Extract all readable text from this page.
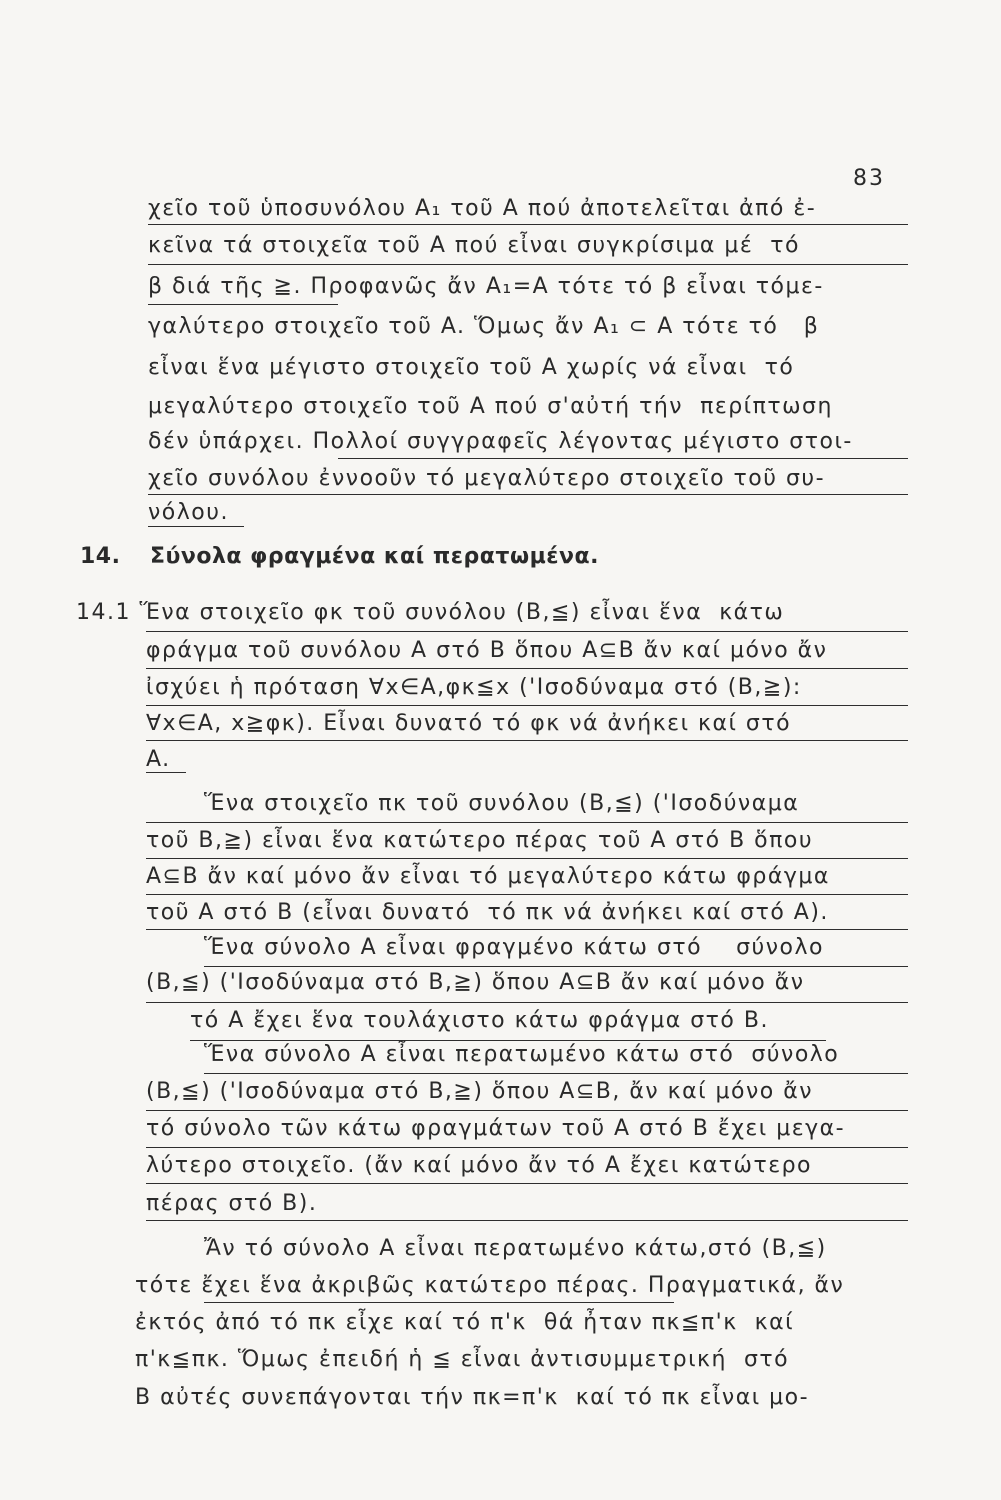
83
χεῖο τοῦ ὑποσυνόλου A₁ τοῦ A πού ἀποτελεῖται ἀπό ἐ-
κεῖνα τά στοιχεῖα τοῦ A πού εἶναι συγκρίσιμα μέ  τό
β διά τῆς ≧. Προφανῶς ἄν A₁=A τότε τό β εἶναι τόμε-
γαλύτερο στοιχεῖο τοῦ A. Ὅμως ἄν A₁ ⊂ A τότε τό   β
εἶναι ἕνα μέγιστο στοιχεῖο τοῦ A χωρίς νά εἶναι  τό
μεγαλύτερο στοιχεῖο τοῦ A πού σ'αὐτή τήν  περίπτωση
δέν ὑπάρχει. Πολλοί συγγραφεῖς λέγοντας μέγιστο στοι-
χεῖο συνόλου ἐννοοῦν τό μεγαλύτερο στοιχεῖο τοῦ συ-
νόλου.
14. Σύνολα φραγμένα καί περατωμένα.
14.1 Ἕνα στοιχεῖο φκ τοῦ συνόλου (B,≦) εἶναι ἕνα  κάτω
φράγμα τοῦ συνόλου A στό B ὅπου A⊆B ἄν καί μόνο ἄν
ἰσχύει ἡ πρόταση ∀x∈A,φκ≦x ('Ισοδύναμα στό (B,≧):
∀x∈A, x≧φκ). Εἶναι δυνατό τό φκ νά ἀνήκει καί στό
A.
Ἕνα στοιχεῖο πκ τοῦ συνόλου (B,≦) ('Ισοδύναμα
τοῦ B,≧) εἶναι ἕνα κατώτερο πέρας τοῦ A στό B ὅπου
A⊆B ἄν καί μόνο ἄν εἶναι τό μεγαλύτερο κάτω φράγμα
τοῦ A στό B (εἶναι δυνατό  τό πκ νά ἀνήκει καί στό A).
Ἕνα σύνολο A εἶναι φραγμένο κάτω στό    σύνολο
(B,≦) ('Ισοδύναμα στό B,≧) ὅπου A⊆B ἄν καί μόνο ἄν
τό A ἔχει ἕνα τουλάχιστο κάτω φράγμα στό B.
Ἕνα σύνολο A εἶναι περατωμένο κάτω στό  σύνολο
(B,≦) ('Ισοδύναμα στό B,≧) ὅπου A⊆B, ἄν καί μόνο ἄν
τό σύνολο τῶν κάτω φραγμάτων τοῦ A στό B ἔχει μεγα-
λύτερο στοιχεῖο. (ἄν καί μόνο ἄν τό A ἔχει κατώτερο
πέρας στό B).
Ἄν τό σύνολο A εἶναι περατωμένο κάτω,στό (B,≦)
τότε ἔχει ἕνα ἀκριβῶς κατώτερο πέρας. Πραγματικά, ἄν
ἐκτός ἀπό τό πκ εἶχε καί τό π'κ  θά ἦταν πκ≦π'κ  καί
π'κ≦πκ. Ὅμως ἐπειδή ἡ ≦ εἶναι ἀντισυμμετρική  στό
B αὐτές συνεπάγονται τήν πκ=π'κ  καί τό πκ εἶναι μο-
